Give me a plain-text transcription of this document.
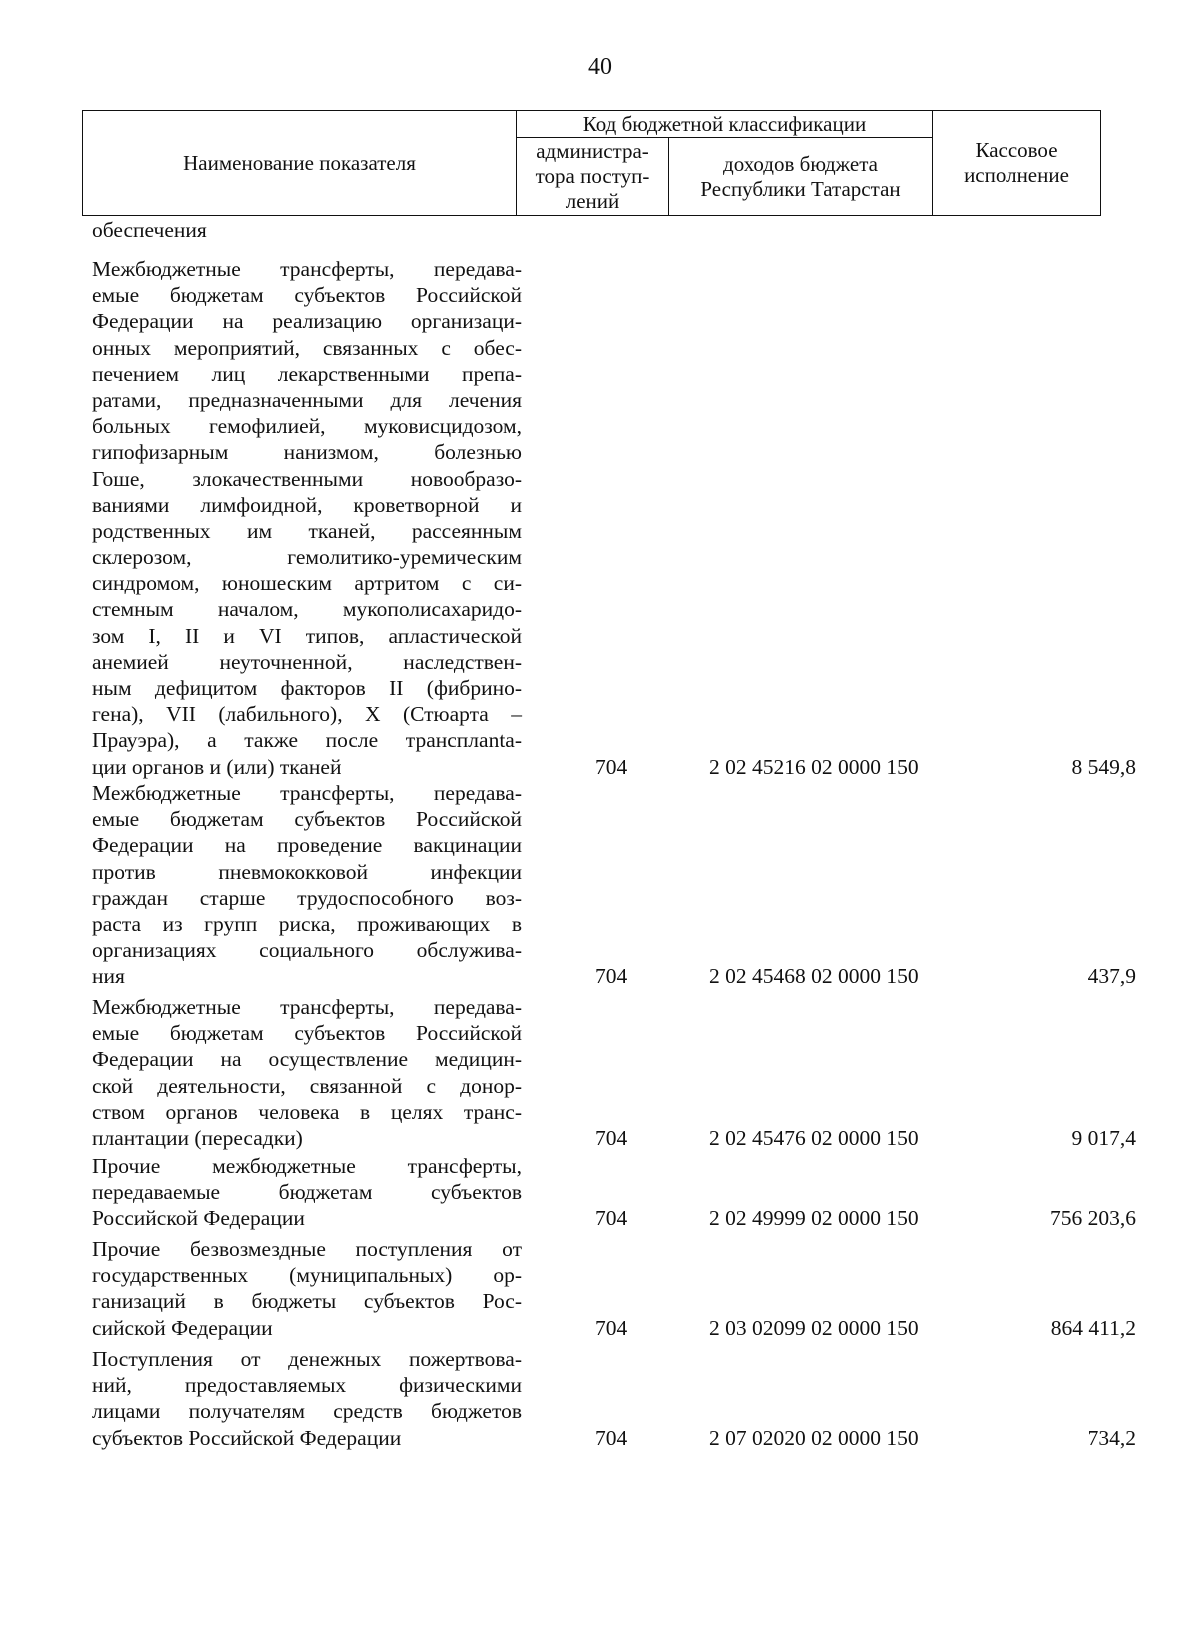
40
Наименование показателя	Код бюджетной классификации		Кассовое
исполнение
	администра-
тора поступ-
лений	доходов бюджета
Республики Татарстан	
обеспечения
Межбюджетные трансферты, передава-
емые бюджетам субъектов Российской
Федерации на реализацию организаци-
онных мероприятий, связанных с обес-
печением лиц лекарственными препа-
ратами, предназначенными для лечения
больных гемофилией, муковисцидозом,
гипофизарным нанизмом, болезнью
Гоше, злокачественными новообразо-
ваниями лимфоидной, кроветворной и
родственных им тканей, рассеянным
склерозом, гемолитико-уремическим
синдромом, юношеским артритом с си-
стемным началом, мукополисахаридо-
зом I, II и VI типов, апластической
анемией неуточненной, наследствен-
ным дефицитом факторов II (фибрино-
гена), VII (лабильного), X (Стюарта –
Прауэра), а также после трансплanta-
ции органов и (или) тканей	704	2 02 45216 02 0000 150	8 549,8
Межбюджетные трансферты, передава-
емые бюджетам субъектов Российской
Федерации на проведение вакцинации
против пневмококковой инфекции
граждан старше трудоспособного воз-
раста из групп риска, проживающих в
организациях социального обслужива-
ния	704	2 02 45468 02 0000 150	437,9
Межбюджетные трансферты, передава-
емые бюджетам субъектов Российской
Федерации на осуществление медицин-
ской деятельности, связанной с донор-
ством органов человека в целях транс-
плантации (пересадки)	704	2 02 45476 02 0000 150	9 017,4
Прочие межбюджетные трансферты,
передаваемые бюджетам субъектов
Российской Федерации	704	2 02 49999 02 0000 150	756 203,6
Прочие безвозмездные поступления от
государственных (муниципальных) ор-
ганизаций в бюджеты субъектов Рос-
сийской Федерации	704	2 03 02099 02 0000 150	864 411,2
Поступления от денежных пожертвова-
ний, предоставляемых физическими
лицами получателям средств бюджетов
субъектов Российской Федерации	704	2 07 02020 02 0000 150	734,2
